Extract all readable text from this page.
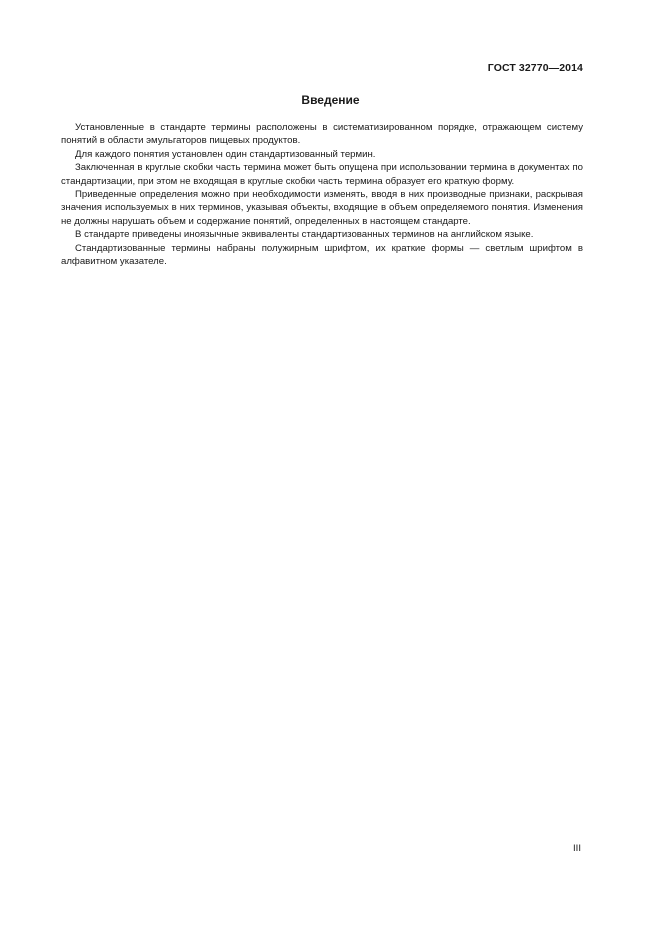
ГОСТ 32770—2014
Введение

Установленные в стандарте термины расположены в систематизированном порядке, отражающем систему понятий в области эмульгаторов пищевых продуктов.

Для каждого понятия установлен один стандартизованный термин.

Заключенная в круглые скобки часть термина может быть опущена при использовании термина в документах по стандартизации, при этом не входящая в круглые скобки часть термина образует его краткую форму.

Приведенные определения можно при необходимости изменять, вводя в них производные признаки, раскрывая значения используемых в них терминов, указывая объекты, входящие в объем определяемого понятия. Изменения не должны нарушать объем и содержание понятий, определенных в настоящем стандарте.

В стандарте приведены иноязычные эквиваленты стандартизованных терминов на английском языке.

Стандартизованные термины набраны полужирным шрифтом, их краткие формы — светлым шрифтом в алфавитном указателе.

III
